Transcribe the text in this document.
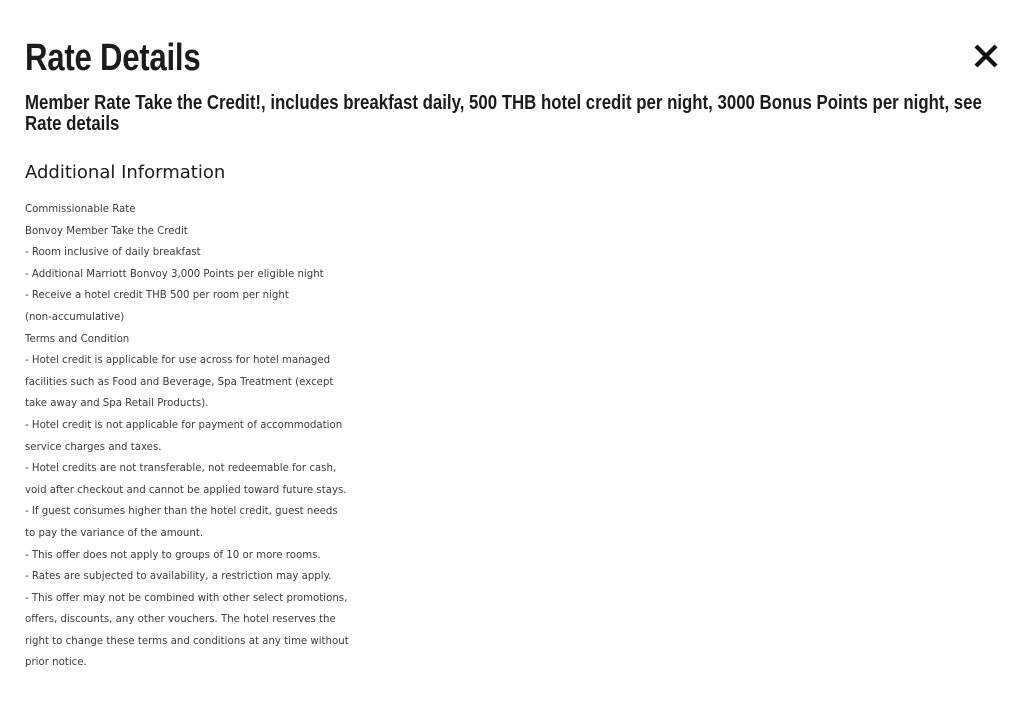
Rate Details
Member Rate Take the Credit!, includes breakfast daily, 500 THB hotel credit per night, 3000 Bonus Points per night, see Rate details
Additional Information
Commissionable Rate
Bonvoy Member Take the Credit
- Room inclusive of daily breakfast
- Additional Marriott Bonvoy 3,000 Points per eligible night
- Receive a hotel credit THB 500 per room per night
(non-accumulative)
Terms and Condition
- Hotel credit is applicable for use across for hotel managed
facilities such as Food and Beverage, Spa Treatment (except
take away and Spa Retail Products).
- Hotel credit is not applicable for payment of accommodation
service charges and taxes.
- Hotel credits are not transferable, not redeemable for cash,
void after checkout and cannot be applied toward future stays.
- If guest consumes higher than the hotel credit, guest needs
to pay the variance of the amount.
- This offer does not apply to groups of 10 or more rooms.
- Rates are subjected to availability, a restriction may apply.
- This offer may not be combined with other select promotions,
offers, discounts, any other vouchers. The hotel reserves the
right to change these terms and conditions at any time without
prior notice.
